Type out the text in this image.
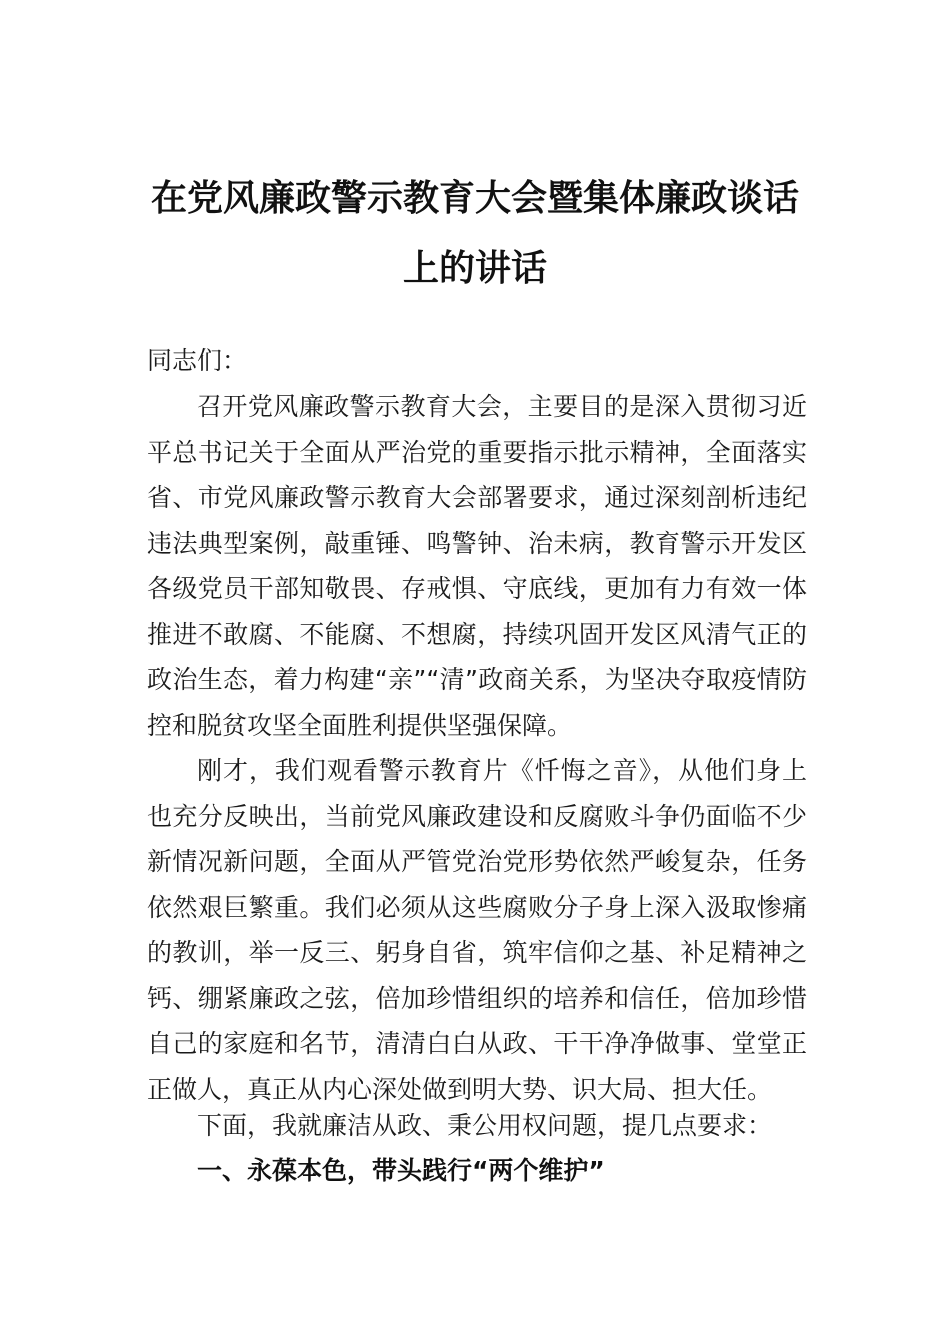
在党风廉政警示教育大会暨集体廉政谈话
上的讲话
同志们：

召开党风廉政警示教育大会，主要目的是深入贯彻习近平总书记关于全面从严治党的重要指示批示精神，全面落实省、市党风廉政警示教育大会部署要求，通过深刻剖析违纪违法典型案例，敲重锤、鸣警钟、治未病，教育警示开发区各级党员干部知敬畏、存戒惧、守底线，更加有力有效一体推进不敢腐、不能腐、不想腐，持续巩固开发区风清气正的政治生态，着力构建“亲”“清”政商关系，为坚决夺取疫情防控和脱贫攻坚全面胜利提供坚强保障。

刚才，我们观看警示教育片《忏悔之音》，从他们身上也充分反映出，当前党风廉政建设和反腐败斗争仍面临不少新情况新问题，全面从严管党治党形势依然严峻复杂，任务依然艰巨繁重。我们必须从这些腐败分子身上深入汲取惨痛的教训，举一反三、躬身自省，筑牢信仰之基、补足精神之钙、绷紧廉政之弦，倍加珍惜组织的培养和信任，倍加珍惜自己的家庭和名节，清清白白从政、干干净净做事、堂堂正正做人，真正从内心深处做到明大势、识大局、担大任。

下面，我就廉洁从政、秉公用权问题，提几点要求：

一、永葆本色，带头践行“两个维护”
